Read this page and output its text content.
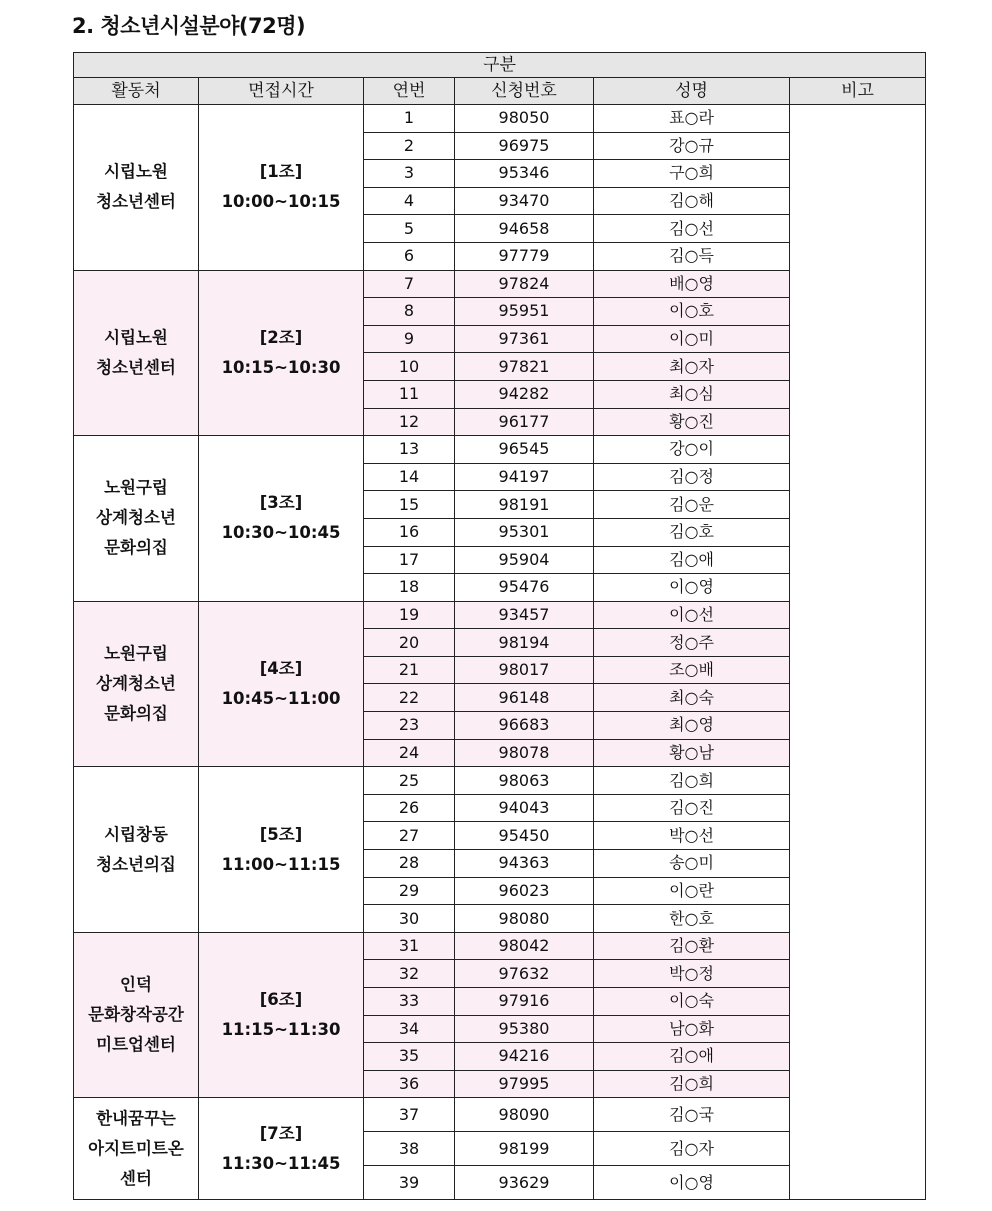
2. 청소년시설분야(72명)
구분					
활동처	면접시간	연번	신청번호	성명	비고

시립노원
청소년센터	[1조]
10:00~10:15	1	98050	표○라	
		2	96975	강○규	
		3	95346	구○희	
		4	93470	김○해	
		5	94658	김○선	
		6	97779	김○득	

시립노원
청소년센터	[2조]
10:15~10:30	7	97824	배○영	
		8	95951	이○호	
		9	97361	이○미	
		10	97821	최○자	
		11	94282	최○심	
		12	96177	황○진	

노원구립
상계청소년
문화의집	[3조]
10:30~10:45	13	96545	강○이	
		14	94197	김○정	
		15	98191	김○운	
		16	95301	김○호	
		17	95904	김○애	
		18	95476	이○영	

노원구립
상계청소년
문화의집	[4조]
10:45~11:00	19	93457	이○선	
		20	98194	정○주	
		21	98017	조○배	
		22	96148	최○숙	
		23	96683	최○영	
		24	98078	황○남	

시립창동
청소년의집	[5조]
11:00~11:15	25	98063	김○희	
		26	94043	김○진	
		27	95450	박○선	
		28	94363	송○미	
		29	96023	이○란	
		30	98080	한○호	

인덕
문화창작공간
미트업센터	[6조]
11:15~11:30	31	98042	김○환	
		32	97632	박○정	
		33	97916	이○숙	
		34	95380	남○화	
		35	94216	김○애	
		36	97995	김○희	

한내꿈꾸는
아지트미트온
센터	[7조]
11:30~11:45	37	98090	김○국	
		38	98199	김○자	
		39	93629	이○영	
